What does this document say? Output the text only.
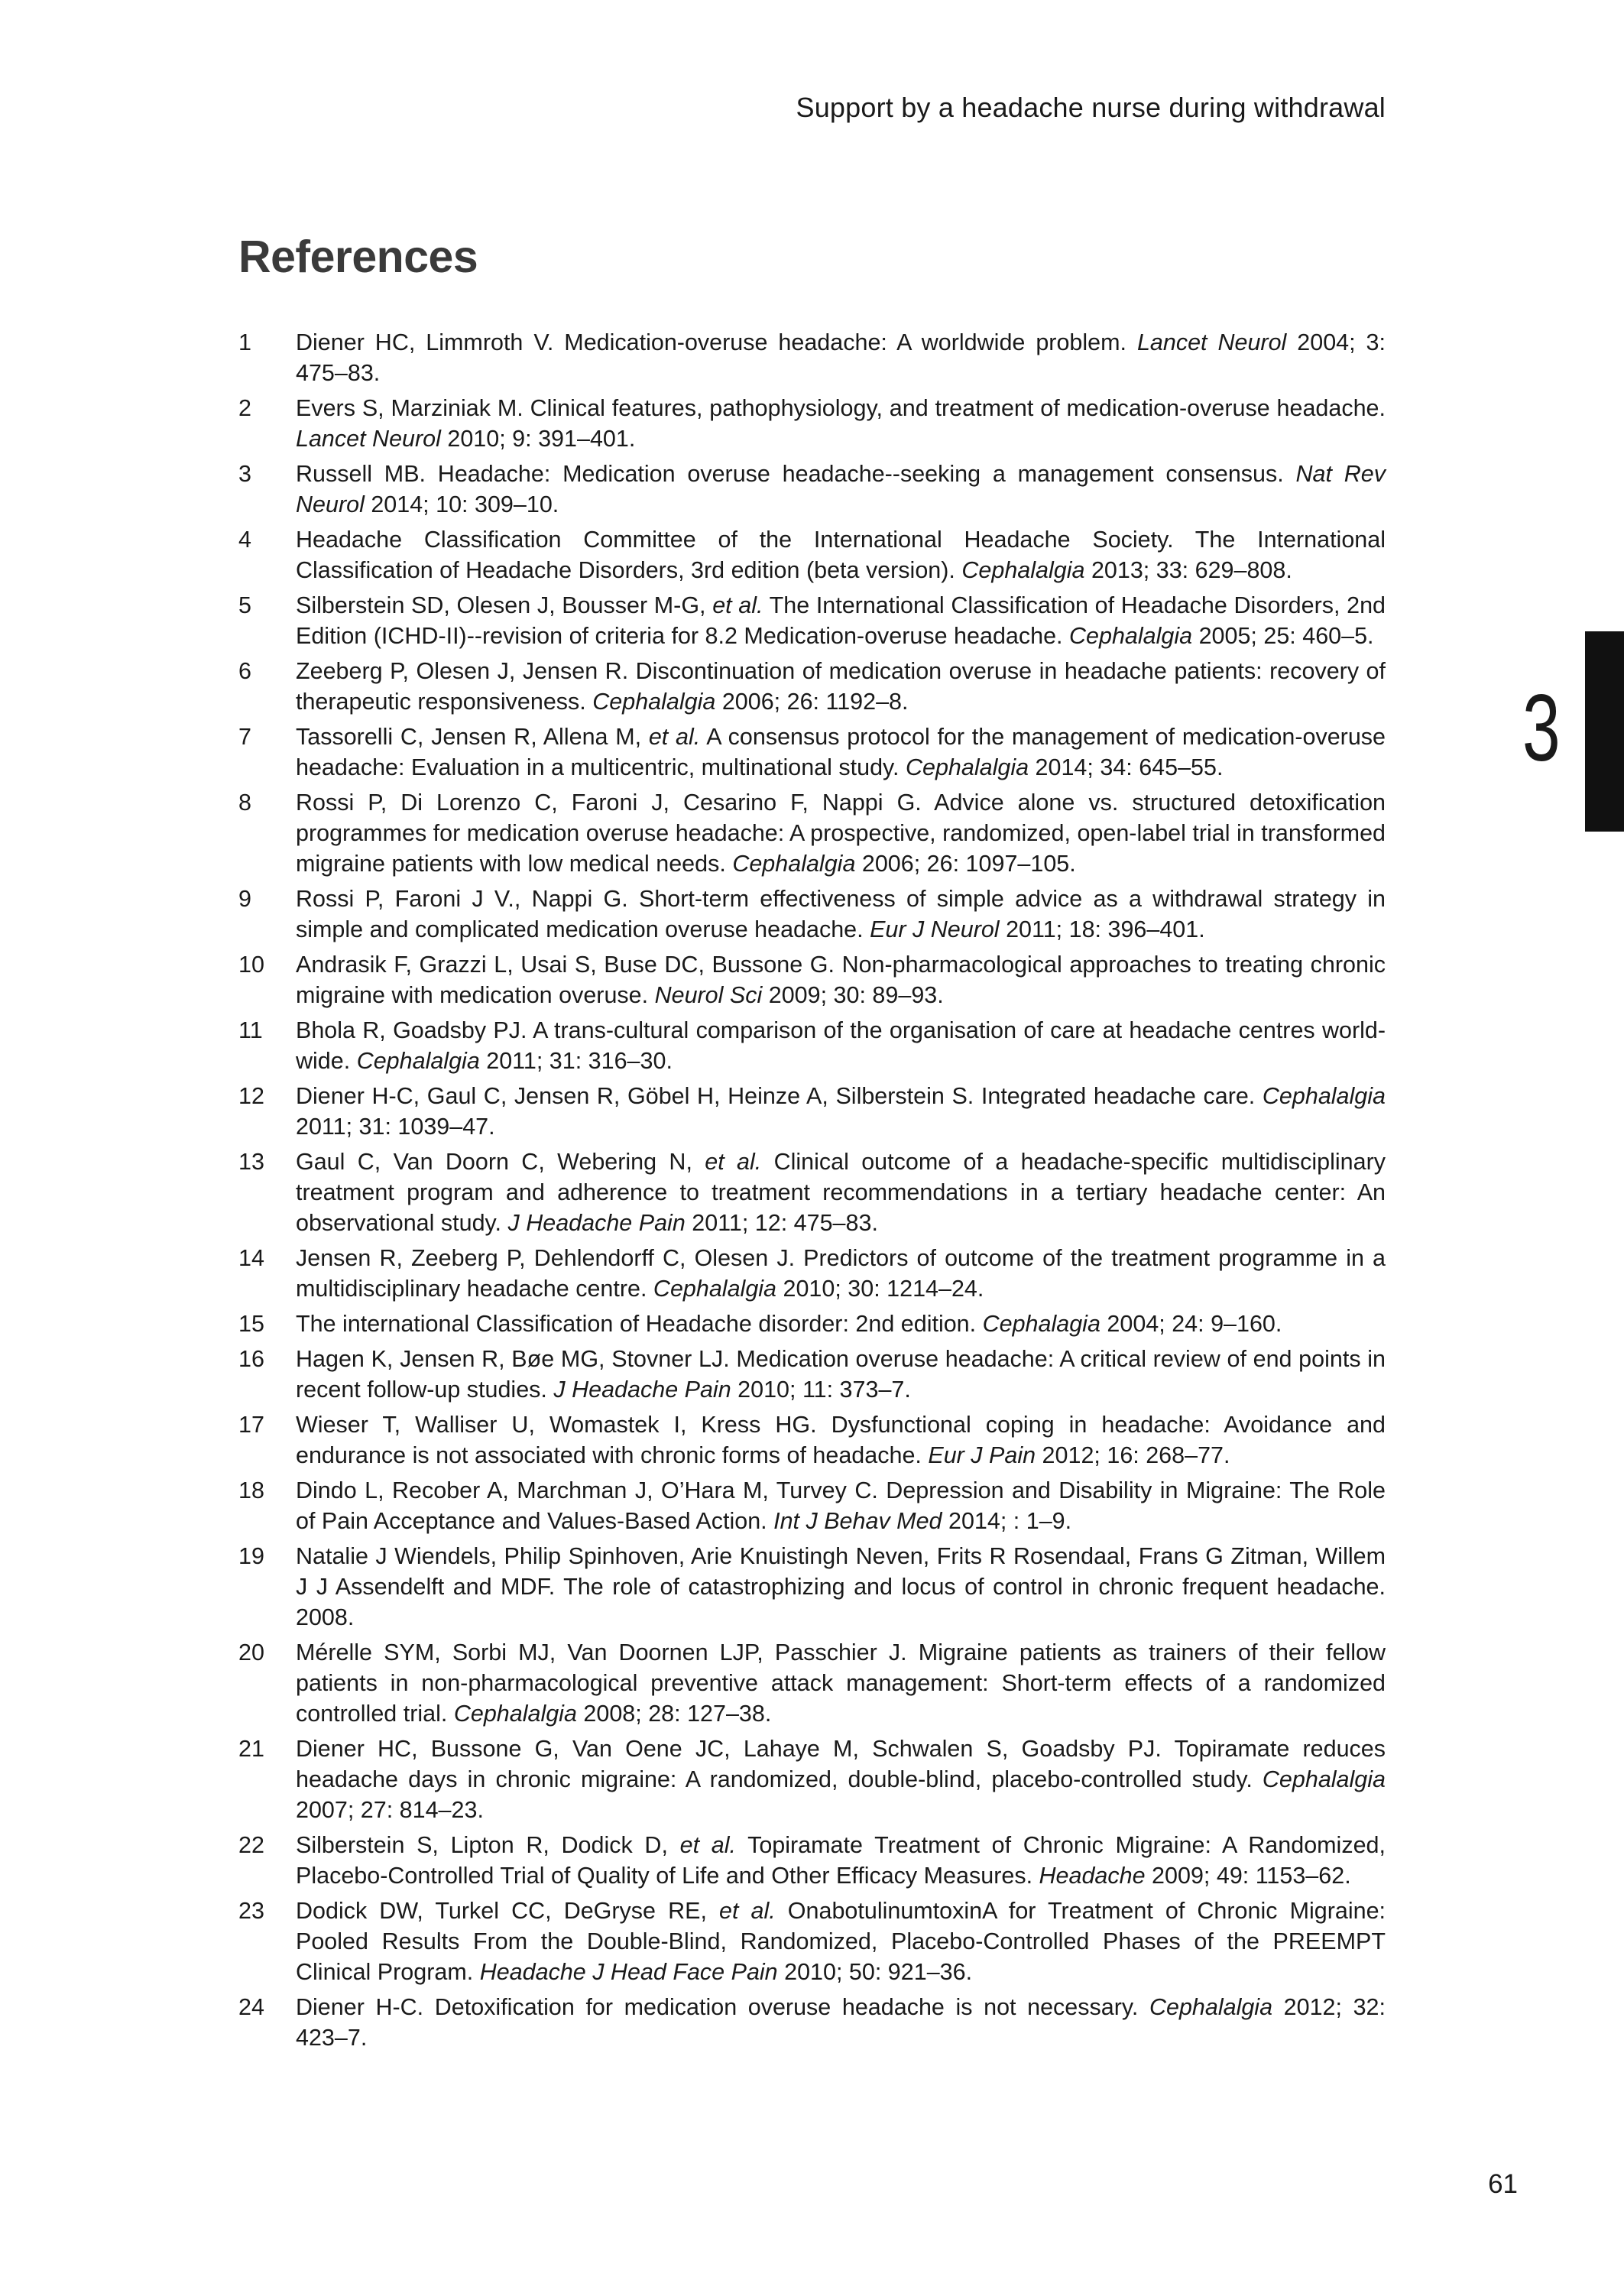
Support by a headache nurse during withdrawal
References
1	Diener HC, Limmroth V. Medication-overuse headache: A worldwide problem. Lancet Neurol 2004; 3: 475–83.
2	Evers S, Marziniak M. Clinical features, pathophysiology, and treatment of medication-overuse headache. Lancet Neurol 2010; 9: 391–401.
3	Russell MB. Headache: Medication overuse headache--seeking a management consensus. Nat Rev Neurol 2014; 10: 309–10.
4	Headache Classification Committee of the International Headache Society. The International Classification of Headache Disorders, 3rd edition (beta version). Cephalalgia 2013; 33: 629–808.
5	Silberstein SD, Olesen J, Bousser M-G, et al. The International Classification of Headache Disorders, 2nd Edition (ICHD-II)--revision of criteria for 8.2 Medication-overuse headache. Cephalalgia 2005; 25: 460–5.
6	Zeeberg P, Olesen J, Jensen R. Discontinuation of medication overuse in headache patients: recovery of therapeutic responsiveness. Cephalalgia 2006; 26: 1192–8.
7	Tassorelli C, Jensen R, Allena M, et al. A consensus protocol for the management of medication-overuse headache: Evaluation in a multicentric, multinational study. Cephalalgia 2014; 34: 645–55.
8	Rossi P, Di Lorenzo C, Faroni J, Cesarino F, Nappi G. Advice alone vs. structured detoxification programmes for medication overuse headache: A prospective, randomized, open-label trial in transformed migraine patients with low medical needs. Cephalalgia 2006; 26: 1097–105.
9	Rossi P, Faroni J V., Nappi G. Short-term effectiveness of simple advice as a withdrawal strategy in simple and complicated medication overuse headache. Eur J Neurol 2011; 18: 396–401.
10	Andrasik F, Grazzi L, Usai S, Buse DC, Bussone G. Non-pharmacological approaches to treating chronic migraine with medication overuse. Neurol Sci 2009; 30: 89–93.
11	Bhola R, Goadsby PJ. A trans-cultural comparison of the organisation of care at headache centres world-wide. Cephalalgia 2011; 31: 316–30.
12	Diener H-C, Gaul C, Jensen R, Göbel H, Heinze A, Silberstein S. Integrated headache care. Cephalalgia 2011; 31: 1039–47.
13	Gaul C, Van Doorn C, Webering N, et al. Clinical outcome of a headache-specific multidisciplinary treatment program and adherence to treatment recommendations in a tertiary headache center: An observational study. J Headache Pain 2011; 12: 475–83.
14	Jensen R, Zeeberg P, Dehlendorff C, Olesen J. Predictors of outcome of the treatment programme in a multidisciplinary headache centre. Cephalalgia 2010; 30: 1214–24.
15	The international Classification of Headache disorder: 2nd edition. Cephalagia 2004; 24: 9–160.
16	Hagen K, Jensen R, Bøe MG, Stovner LJ. Medication overuse headache: A critical review of end points in recent follow-up studies. J Headache Pain 2010; 11: 373–7.
17	Wieser T, Walliser U, Womastek I, Kress HG. Dysfunctional coping in headache: Avoidance and endurance is not associated with chronic forms of headache. Eur J Pain 2012; 16: 268–77.
18	Dindo L, Recober A, Marchman J, O’Hara M, Turvey C. Depression and Disability in Migraine: The Role of Pain Acceptance and Values-Based Action. Int J Behav Med 2014; : 1–9.
19	Natalie J Wiendels, Philip Spinhoven, Arie Knuistingh Neven, Frits R Rosendaal, Frans G Zitman, Willem J J Assendelft and MDF. The role of catastrophizing and locus of control in chronic frequent headache. 2008.
20	Mérelle SYM, Sorbi MJ, Van Doornen LJP, Passchier J. Migraine patients as trainers of their fellow patients in non-pharmacological preventive attack management: Short-term effects of a randomized controlled trial. Cephalalgia 2008; 28: 127–38.
21	Diener HC, Bussone G, Van Oene JC, Lahaye M, Schwalen S, Goadsby PJ. Topiramate reduces headache days in chronic migraine: A randomized, double-blind, placebo-controlled study. Cephalalgia 2007; 27: 814–23.
22	Silberstein S, Lipton R, Dodick D, et al. Topiramate Treatment of Chronic Migraine: A Randomized, Placebo-Controlled Trial of Quality of Life and Other Efficacy Measures. Headache 2009; 49: 1153–62.
23	Dodick DW, Turkel CC, DeGryse RE, et al. OnabotulinumtoxinA for Treatment of Chronic Migraine: Pooled Results From the Double-Blind, Randomized, Placebo-Controlled Phases of the PREEMPT Clinical Program. Headache J Head Face Pain 2010; 50: 921–36.
24	Diener H-C. Detoxification for medication overuse headache is not necessary. Cephalalgia 2012; 32: 423–7.
3
61
